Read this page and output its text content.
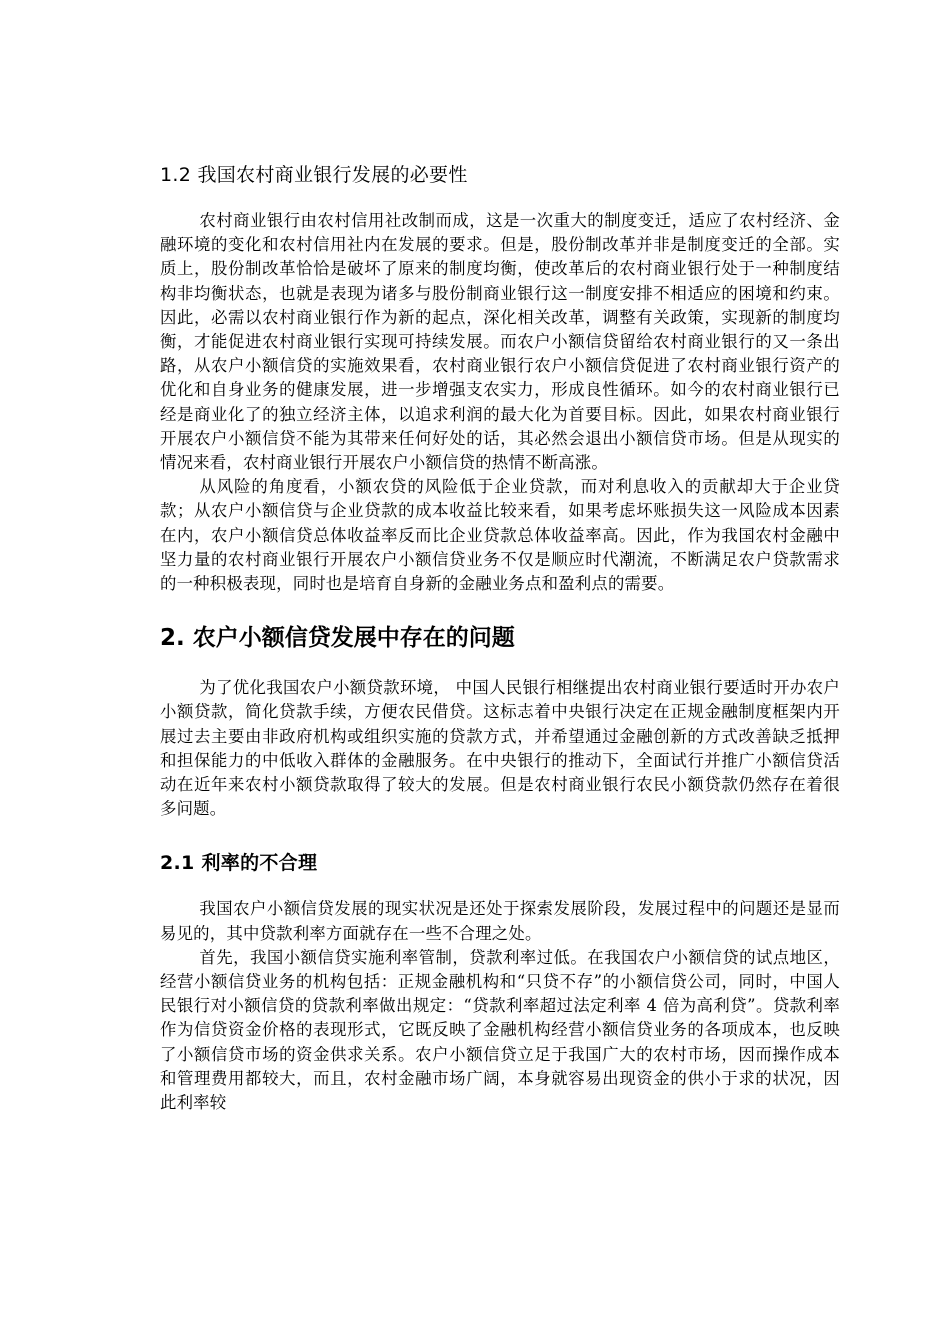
1.2 我国农村商业银行发展的必要性

农村商业银行由农村信用社改制而成，这是一次重大的制度变迁，适应了农村经济、金融环境的变化和农村信用社内在发展的要求。但是，股份制改革并非是制度变迁的全部。实质上，股份制改革恰恰是破坏了原来的制度均衡，使改革后的农村商业银行处于一种制度结构非均衡状态，也就是表现为诸多与股份制商业银行这一制度安排不相适应的困境和约束。因此，必需以农村商业银行作为新的起点，深化相关改革，调整有关政策，实现新的制度均衡，才能促进农村商业银行实现可持续发展。而农户小额信贷留给农村商业银行的又一条出路，从农户小额信贷的实施效果看，农村商业银行农户小额信贷促进了农村商业银行资产的优化和自身业务的健康发展，进一步增强支农实力，形成良性循环。如今的农村商业银行已经是商业化了的独立经济主体，以追求利润的最大化为首要目标。因此，如果农村商业银行开展农户小额信贷不能为其带来任何好处的话，其必然会退出小额信贷市场。但是从现实的情况来看，农村商业银行开展农户小额信贷的热情不断高涨。

从风险的角度看，小额农贷的风险低于企业贷款，而对利息收入的贡献却大于企业贷款；从农户小额信贷与企业贷款的成本收益比较来看，如果考虑坏账损失这一风险成本因素在内，农户小额信贷总体收益率反而比企业贷款总体收益率高。因此，作为我国农村金融中坚力量的农村商业银行开展农户小额信贷业务不仅是顺应时代潮流，不断满足农户贷款需求的一种积极表现，同时也是培育自身新的金融业务点和盈利点的需要。

2. 农户小额信贷发展中存在的问题

为了优化我国农户小额贷款环境， 中国人民银行相继提出农村商业银行要适时开办农户小额贷款，简化贷款手续，方便农民借贷。这标志着中央银行决定在正规金融制度框架内开展过去主要由非政府机构或组织实施的贷款方式，并希望通过金融创新的方式改善缺乏抵押和担保能力的中低收入群体的金融服务。在中央银行的推动下，全面试行并推广小额信贷活动在近年来农村小额贷款取得了较大的发展。但是农村商业银行农民小额贷款仍然存在着很多问题。

2.1 利率的不合理

我国农户小额信贷发展的现实状况是还处于探索发展阶段，发展过程中的问题还是显而易见的，其中贷款利率方面就存在一些不合理之处。

首先，我国小额信贷实施利率管制，贷款利率过低。在我国农户小额信贷的试点地区，经营小额信贷业务的机构包括：正规金融机构和“只贷不存”的小额信贷公司，同时，中国人民银行对小额信贷的贷款利率做出规定：“贷款利率超过法定利率 4 倍为高利贷”。贷款利率作为信贷资金价格的表现形式，它既反映了金融机构经营小额信贷业务的各项成本，也反映了小额信贷市场的资金供求关系。农户小额信贷立足于我国广大的农村市场，因而操作成本和管理费用都较大，而且，农村金融市场广阔，本身就容易出现资金的供小于求的状况，因此利率较
